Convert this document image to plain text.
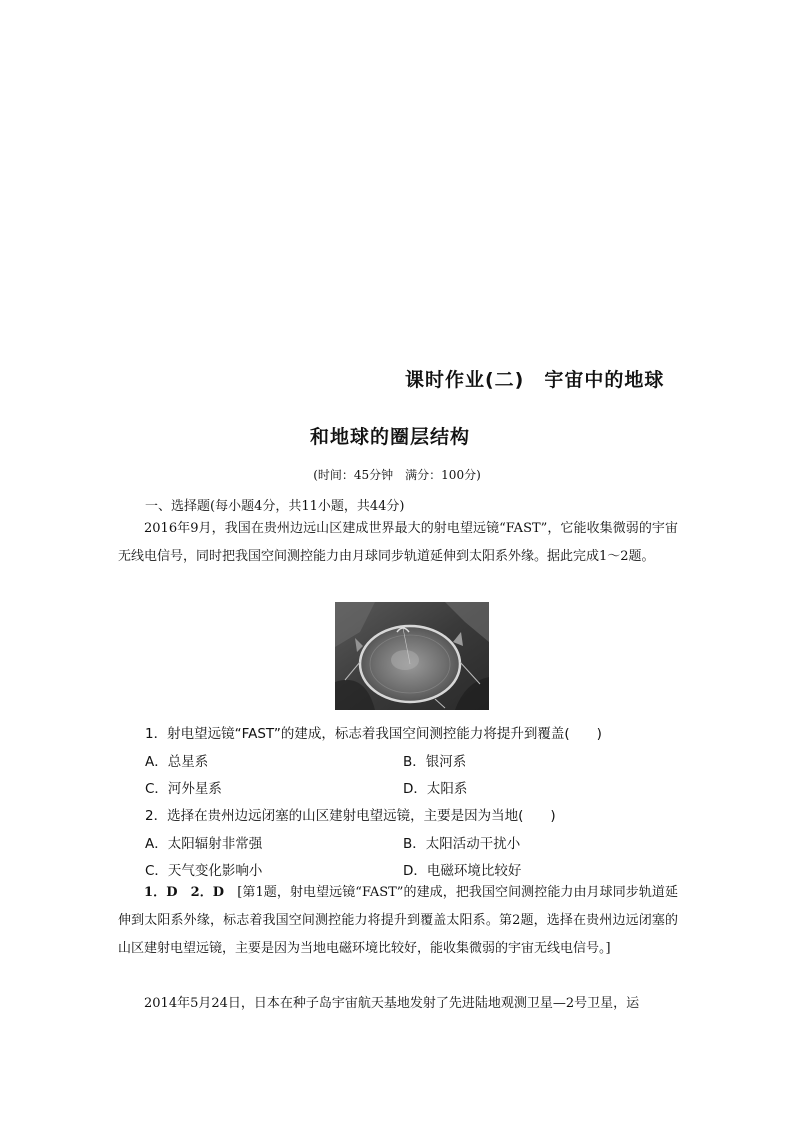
课时作业(二) 宇宙中的地球
和地球的圈层结构
(时间：45分钟　满分：100分)
一、选择题(每小题4分，共11小题，共44分)
2016年9月，我国在贵州边远山区建成世界最大的射电望远镜“FAST”，它能收集微弱的宇宙无线电信号，同时把我国空间测控能力由月球同步轨道延伸到太阳系外缘。据此完成1～2题。
1．射电望远镜“FAST”的建成，标志着我国空间测控能力将提升到覆盖(　　)
A．总星系	B．银河系
C．河外星系	D．太阳系
2．选择在贵州边远闭塞的山区建射电望远镜，主要是因为当地(　　)
A．太阳辐射非常强	B．太阳活动干扰小
C．天气变化影响小	D．电磁环境比较好
1．D　2．D　 [第1题，射电望远镜“FAST”的建成，把我国空间测控能力由月球同步轨道延伸到太阳系外缘，标志着我国空间测控能力将提升到覆盖太阳系。第2题，选择在贵州边远闭塞的山区建射电望远镜，主要是因为当地电磁环境比较好，能收集微弱的宇宙无线电信号。]
2014年5月24日，日本在种子岛宇宙航天基地发射了先进陆地观测卫星—2号卫星，运
